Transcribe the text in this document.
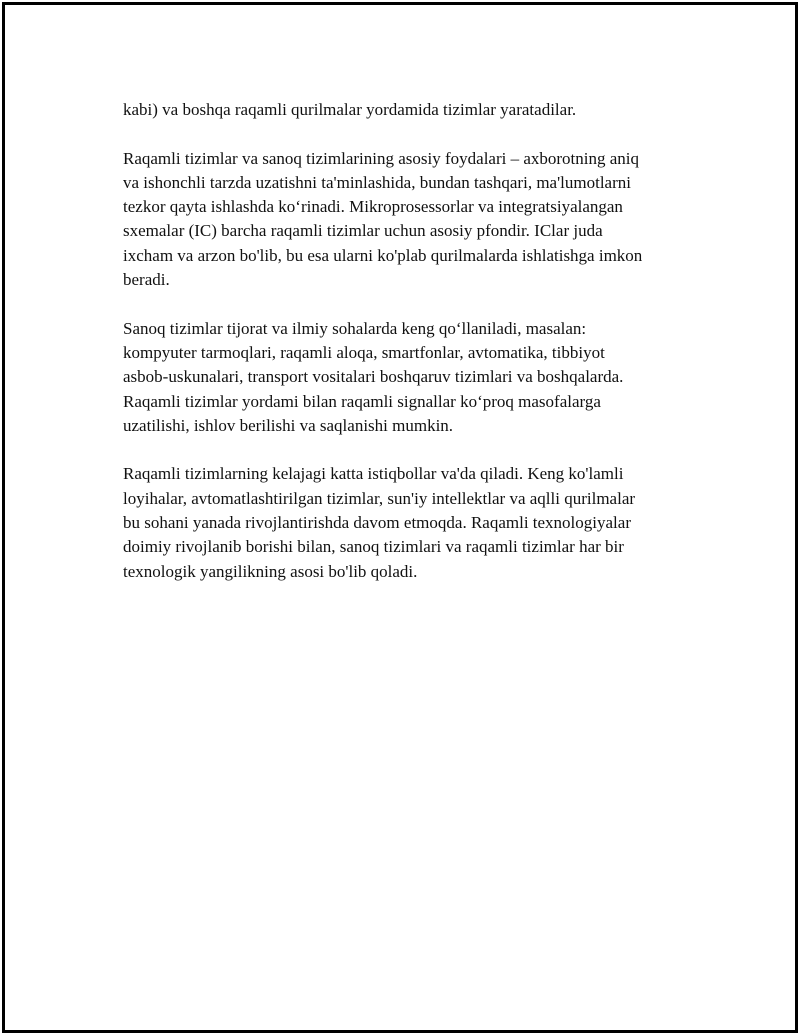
kabi) va boshqa raqamli qurilmalar yordamida tizimlar yaratadilar.

Raqamli tizimlar va sanoq tizimlarining asosiy foydalari – axborotning aniq
va ishonchli tarzda uzatishni ta'minlashida, bundan tashqari, ma'lumotlarni
tezkor qayta ishlashda ko‘rinadi. Mikroprosessorlar va integratsiyalangan
sxemalar (IC) barcha raqamli tizimlar uchun asosiy pfondir. IClar juda
ixcham va arzon bo'lib, bu esa ularni ko'plab qurilmalarda ishlatishga imkon
beradi.

Sanoq tizimlar tijorat va ilmiy sohalarda keng qo‘llaniladi, masalan:
kompyuter tarmoqlari, raqamli aloqa, smartfonlar, avtomatika, tibbiyot
asbob-uskunalari, transport vositalari boshqaruv tizimlari va boshqalarda.
Raqamli tizimlar yordami bilan raqamli signallar ko‘proq masofalarga
uzatilishi, ishlov berilishi va saqlanishi mumkin.

Raqamli tizimlarning kelajagi katta istiqbollar va'da qiladi. Keng ko'lamli
loyihalar, avtomatlashtirilgan tizimlar, sun'iy intellektlar va aqlli qurilmalar
bu sohani yanada rivojlantirishda davom etmoqda. Raqamli texnologiyalar
doimiy rivojlanib borishi bilan, sanoq tizimlari va raqamli tizimlar har bir
texnologik yangilikning asosi bo'lib qoladi.
